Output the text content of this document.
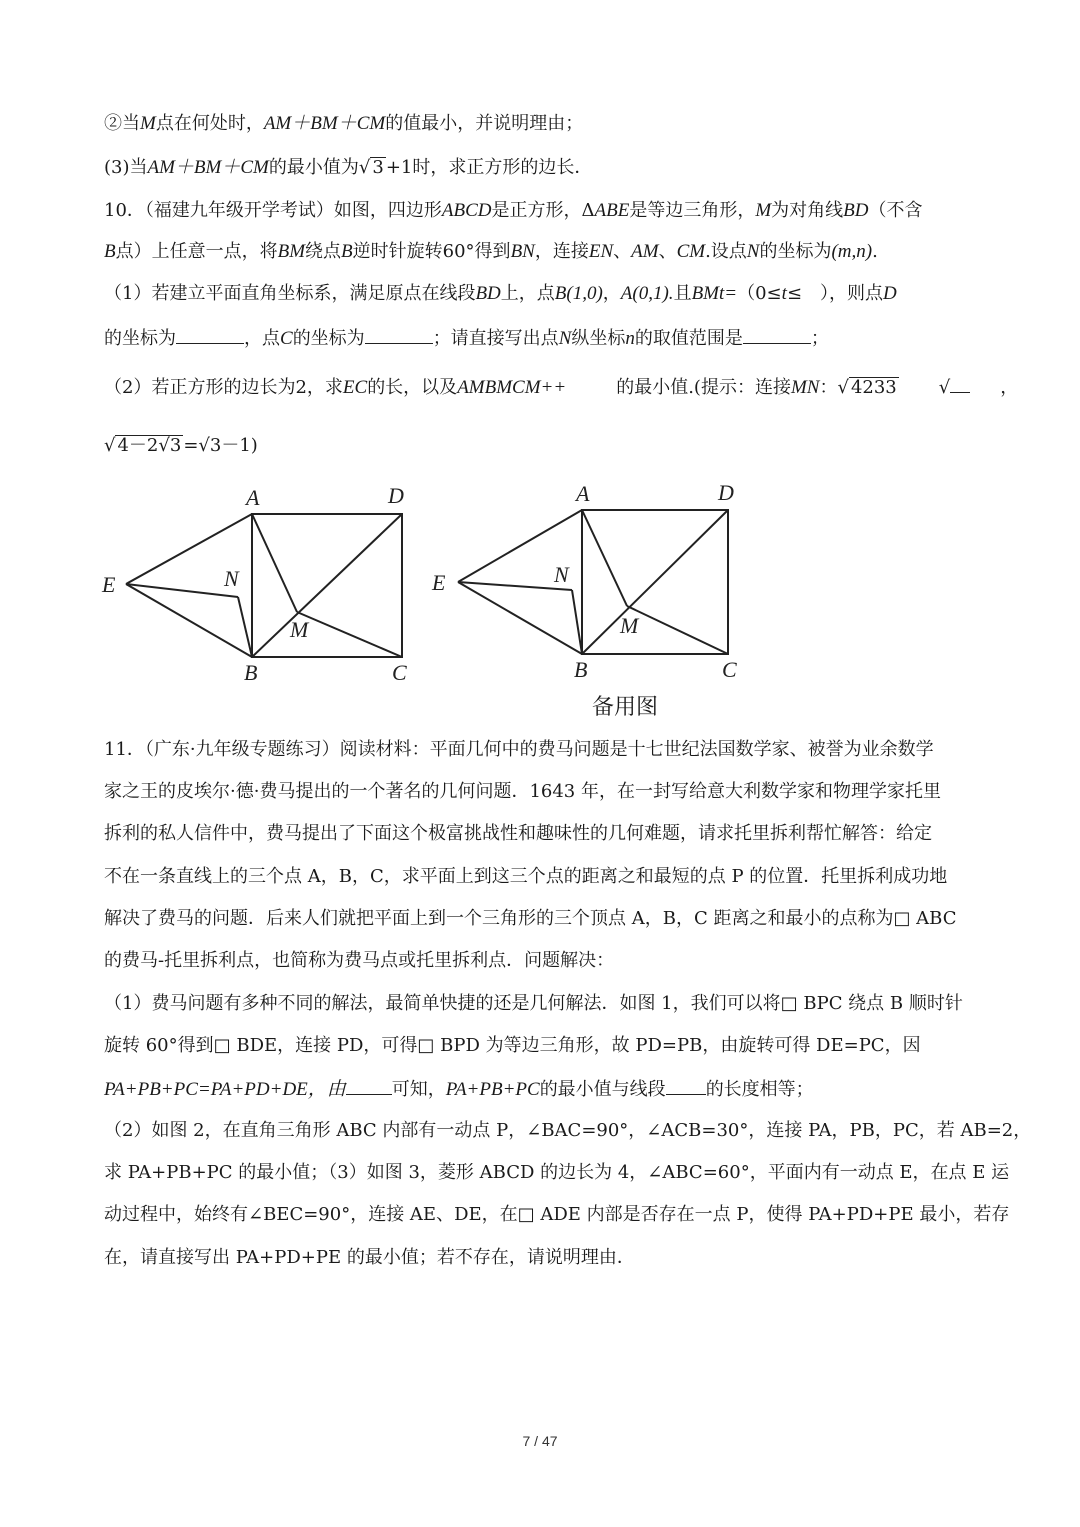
②当M点在何处时，AM＋BM＋CM的值最小，并说明理由；
(3)当AM＋BM＋CM的最小值为√ 3 +1时，求正方形的边长．
10．（福建九年级开学考试）如图，四边形ABCD是正方形，ΔABE是等边三角形，M为对角线BD（不含
B点）上任意一点，将BM绕点B逆时针旋转60°得到BN，连接EN、AM、CM.设点N的坐标为(m,n).
（1）若建立平面直角坐标系，满足原点在线段BD上，点B(1,0)，A(0,1).且BMt=（0≤t≤　），则点D
的坐标为	，点C的坐标为	；请直接写出点N纵坐标n的取值范围是	；
（2）若正方形的边长为2，求EC的长，以及AMBMCM++	的最小值.(提示：连接MN：√ 4233 √	，
√ 4－2√3 =√3－1)
A	D
E	N
M
B	C
A	D
E	N
M
B	C
备用图
11．（广东·九年级专题练习）阅读材料：平面几何中的费马问题是十七世纪法国数学家、被誉为业余数学
家之王的皮埃尔·德·费马提出的一个著名的几何问题．1643 年，在一封写给意大利数学家和物理学家托里
拆利的私人信件中，费马提出了下面这个极富挑战性和趣味性的几何难题，请求托里拆利帮忙解答：给定
不在一条直线上的三个点 A，B，C，求平面上到这三个点的距离之和最短的点 P 的位置．托里拆利成功地
解决了费马的问题．后来人们就把平面上到一个三角形的三个顶点 A，B，C 距离之和最小的点称为□ ABC
的费马-托里拆利点，也简称为费马点或托里拆利点．问题解决：
（1）费马问题有多种不同的解法，最简单快捷的还是几何解法．如图 1，我们可以将□ BPC 绕点 B 顺时针
旋转 60°得到□ BDE，连接 PD，可得□ BPD 为等边三角形，故 PD=PB，由旋转可得 DE=PC，因
PA+PB+PC=PA+PD+DE，由	可知，PA+PB+PC的最小值与线段 的长度相等；
（2）如图 2，在直角三角形 ABC 内部有一动点 P，∠BAC=90°，∠ACB=30°，连接 PA，PB，PC，若 AB=2，
求 PA+PB+PC 的最小值；（3）如图 3，菱形 ABCD 的边长为 4，∠ABC=60°，平面内有一动点 E，在点 E 运
动过程中，始终有∠BEC=90°，连接 AE、DE，在□ ADE 内部是否存在一点 P，使得 PA+PD+PE 最小，若存
在，请直接写出 PA+PD+PE 的最小值；若不存在，请说明理由．
7 / 47
